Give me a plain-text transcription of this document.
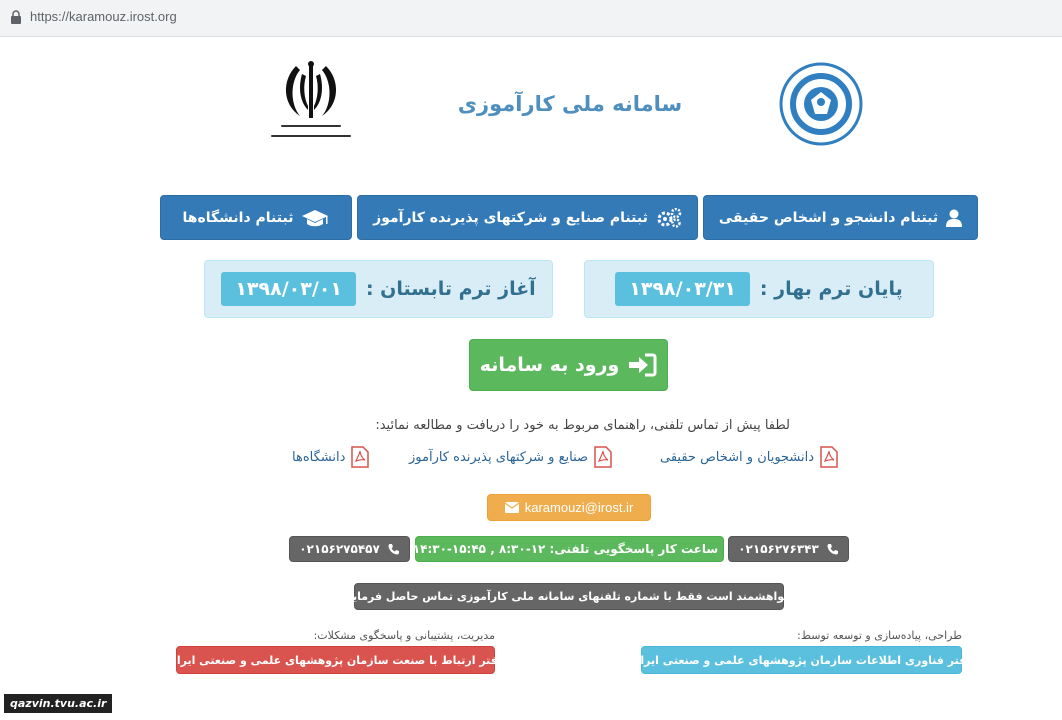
https://karamouz.irost.org
سامانه ملی کارآموزی
ثبتنام دانشجو و اشخاص حقیقی
ثبتنام صنایع و شرکتهای پذیرنده کارآموز
ثبتنام دانشگاه‌ها
پایان ترم بهار :
۱۳۹۸/۰۳/۳۱
آغاز ترم تابستان :
۱۳۹۸/۰۳/۰۱
ورود به سامانه
لطفا پیش از تماس تلفنی، راهنمای مربوط به خود را دریافت و مطالعه نمائید:
دانشجویان و اشخاص حقیقی
صنایع و شرکتهای پذیرنده کارآموز
دانشگاه‌ها
karamouzi@irost.ir
۰۲۱۵۶۲۷۶۳۴۳
ساعت کار پاسخگویی تلفنی: ۱۲-۸:۳۰ , ۱۵:۴۵-۱۴:۳۰
۰۲۱۵۶۲۷۵۴۵۷
خواهشمند است فقط با شماره تلفنهای سامانه ملی کارآموزی تماس حاصل فرمایید.
طراحی، پیاده‌سازی و توسعه توسط:
دفتر فناوری اطلاعات سازمان پژوهشهای علمی و صنعتی ایران
مدیریت، پشتیبانی و پاسخگوی مشکلات:
دفتر ارتباط با صنعت سازمان پژوهشهای علمی و صنعتی ایران
qazvin.tvu.ac.ir
